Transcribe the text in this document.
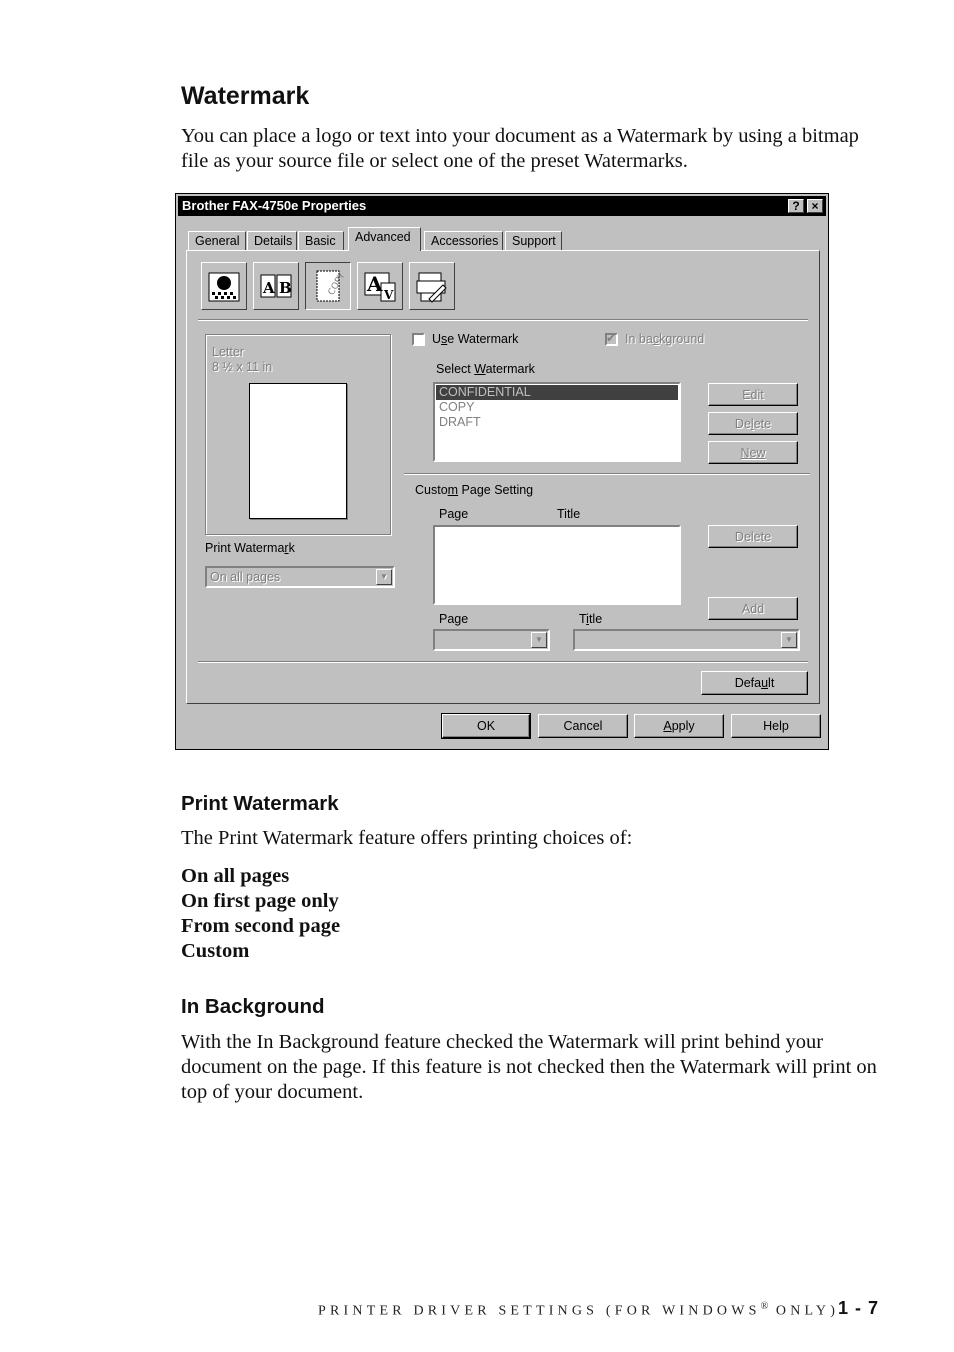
Watermark

You can place a logo or text into your document as a Watermark by using a bitmap file as your source file or select one of the preset Watermarks.

Brother FAX-4750e Properties	? ×
General	Details	Basic	Advanced	Accessories	Support
A B	COPY A V
Letter
8 ½ x 11 in
Print Watermark
On all pages	▼
Use Watermark	✔ In background
Select Watermark
CONFIDENTIAL
COPY
DRAFT
Edit
Delete
New
Custom Page Setting
Page	Title
Delete
Add
Page	Title
▼	▼
Default
OK	Cancel	Apply	Help
Print Watermark

The Print Watermark feature offers printing choices of:

On all pages
On first page only
From second page
Custom
In Background

With the In Background feature checked the Watermark will print behind your document on the page. If this feature is not checked then the Watermark will print on top of your document.

PRINTER DRIVER SETTINGS (FOR WINDOWS® ONLY)
1 - 7
